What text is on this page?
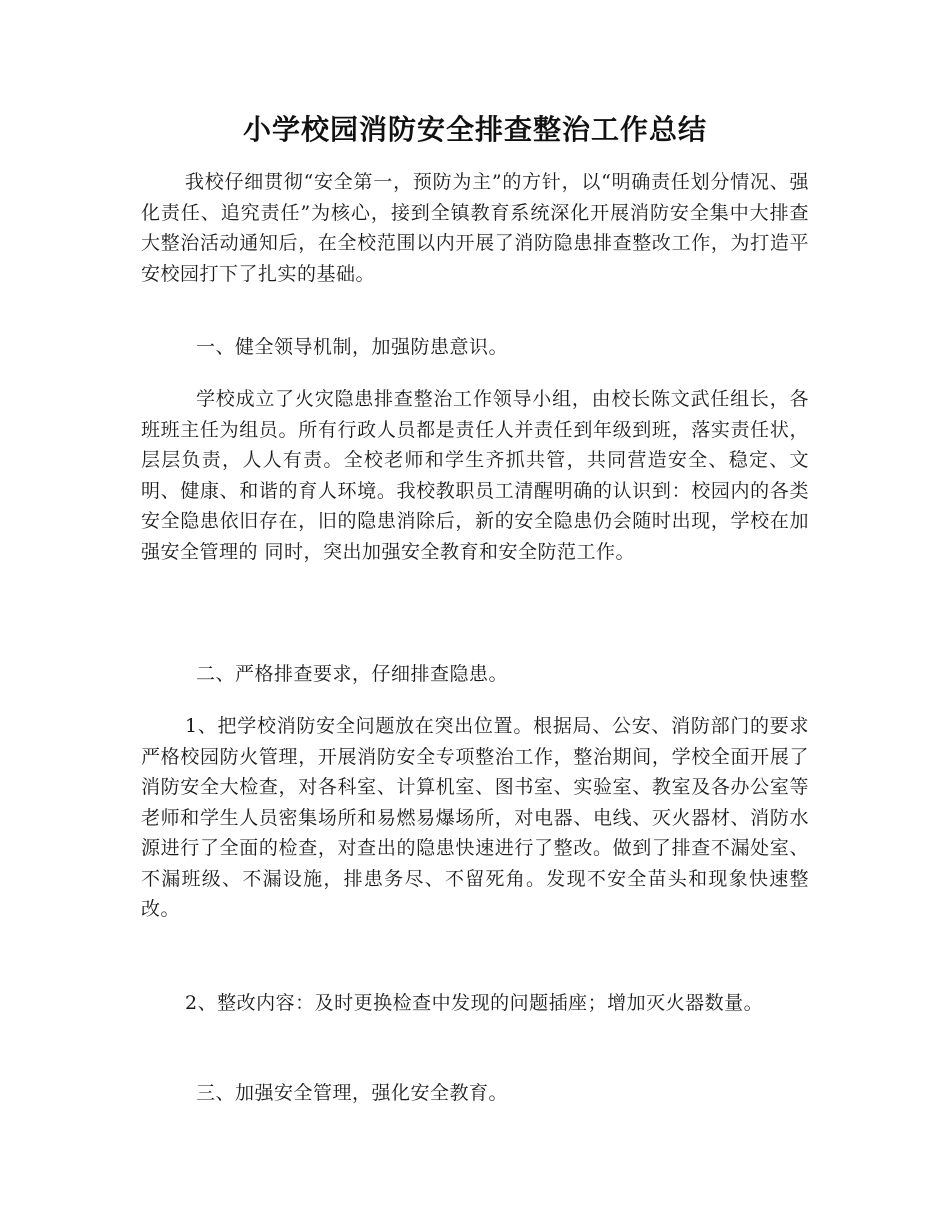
小学校园消防安全排查整治工作总结

我校仔细贯彻“安全第一，预防为主”的方针，以“明确责任划分情况、强化责任、追究责任”为核心，接到全镇教育系统深化开展消防安全集中大排查大整治活动通知后，在全校范围以内开展了消防隐患排查整改工作，为打造平安校园打下了扎实的基础。

一、健全领导机制，加强防患意识。

学校成立了火灾隐患排查整治工作领导小组，由校长陈文武任组长，各班班主任为组员。所有行政人员都是责任人并责任到年级到班，落实责任状，层层负责，人人有责。全校老师和学生齐抓共管，共同营造安全、稳定、文明、健康、和谐的育人环境。我校教职员工清醒明确的认识到：校园内的各类安全隐患依旧存在，旧的隐患消除后，新的安全隐患仍会随时出现，学校在加强安全管理的 同时，突出加强安全教育和安全防范工作。

二、严格排查要求，仔细排查隐患。

1、把学校消防安全问题放在突出位置。根据局、公安、消防部门的要求严格校园防火管理，开展消防安全专项整治工作，整治期间，学校全面开展了消防安全大检查，对各科室、计算机室、图书室、实验室、教室及各办公室等老师和学生人员密集场所和易燃易爆场所，对电器、电线、灭火器材、消防水源进行了全面的检查，对查出的隐患快速进行了整改。做到了排查不漏处室、不漏班级、不漏设施，排患务尽、不留死角。发现不安全苗头和现象快速整改。

2、整改内容：及时更换检查中发现的问题插座；增加灭火器数量。

三、加强安全管理，强化安全教育。
